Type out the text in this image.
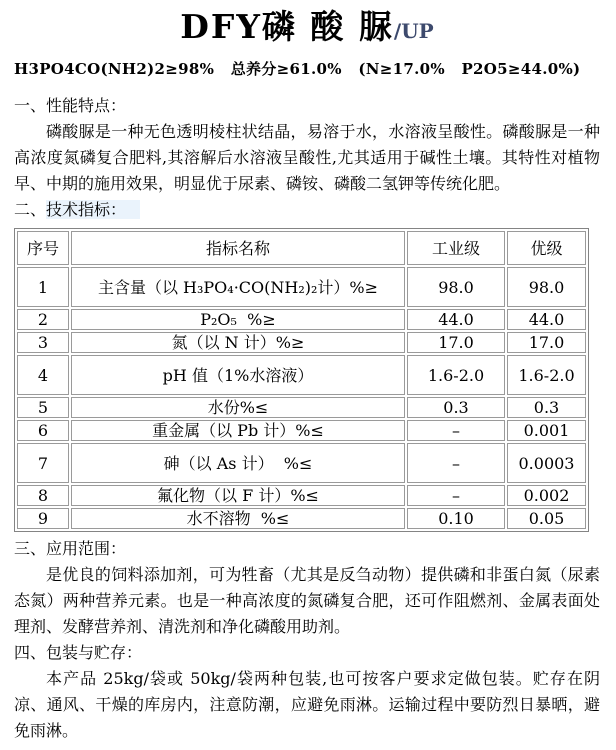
DFY磷 酸 脲/UP
H3PO4CO(NH2)2≥98%   总养分≥61.0%   (N≥17.0%   P2O5≥44.0%)
一、性能特点：

磷酸脲是一种无色透明棱柱状结晶，易溶于水，水溶液呈酸性。磷酸脲是一种高浓度氮磷复合肥料,其溶解后水溶液呈酸性,尤其适用于碱性土壤。其特性对植物早、中期的施用效果，明显优于尿素、磷铵、磷酸二氢钾等传统化肥。

二、技术指标：
序号	指标名称	工业级	优级
1	主含量（以 H₃PO₄·CO(NH₂)₂计）%≥	98.0	98.0
2	P₂O₅  %≥	44.0	44.0
3	氮（以 N 计）%≥	17.0	17.0
4	pH 值（1%水溶液）	1.6-2.0	1.6-2.0
5	水份%≤	0.3	0.3
6	重金属（以 Pb 计）%≤	–	0.001
7	砷（以 As 计）  %≤	–	0.0003
8	氟化物（以 F 计）%≤	–	0.002
9	水不溶物  %≤	0.10	0.05
三、应用范围：

是优良的饲料添加剂，可为牲畜（尤其是反刍动物）提供磷和非蛋白氮（尿素态氮）两种营养元素。也是一种高浓度的氮磷复合肥，还可作阻燃剂、金属表面处理剂、发酵营养剂、清洗剂和净化磷酸用助剂。

四、包装与贮存：

本产品 25kg/袋或 50kg/袋两种包装,也可按客户要求定做包装。贮存在阴凉、通风、干燥的库房内，注意防潮，应避免雨淋。运输过程中要防烈日暴晒，避免雨淋。
